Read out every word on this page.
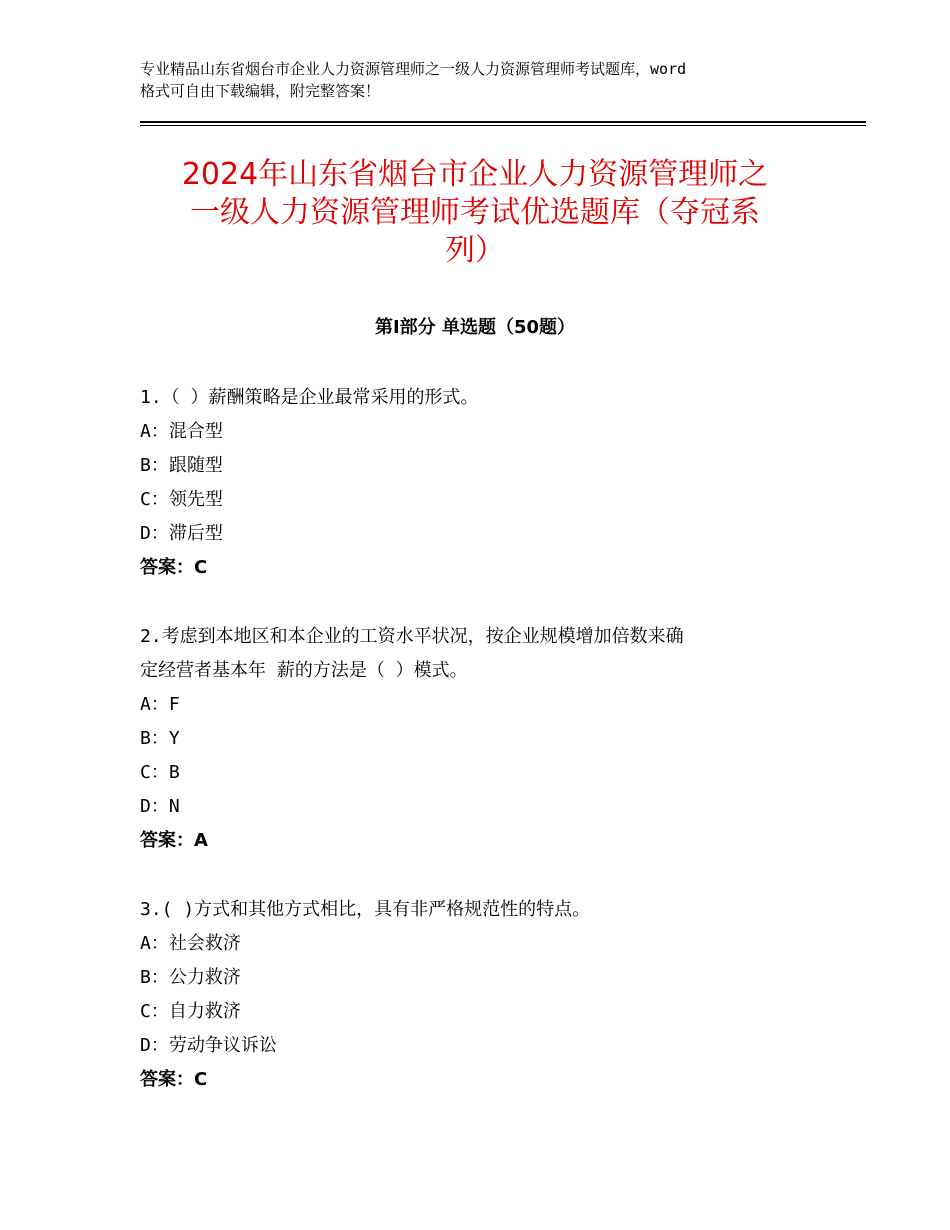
专业精品山东省烟台市企业人力资源管理师之一级人力资源管理师考试题库，word
格式可自由下载编辑，附完整答案！
2024年山东省烟台市企业人力资源管理师之
一级人力资源管理师考试优选题库（夺冠系
列）
第Ⅰ部分 单选题（50题）
1.（ ）薪酬策略是企业最常采用的形式。
A：混合型
B：跟随型
C：领先型
D：滞后型
答案：C
2.考虑到本地区和本企业的工资水平状况，按企业规模增加倍数来确
定经营者基本年 薪的方法是（ ）模式。
A：F
B：Y
C：B
D：N
答案：A
3.( )方式和其他方式相比，具有非严格规范性的特点。
A：社会救济
B：公力救济
C：自力救济
D：劳动争议诉讼
答案：C
